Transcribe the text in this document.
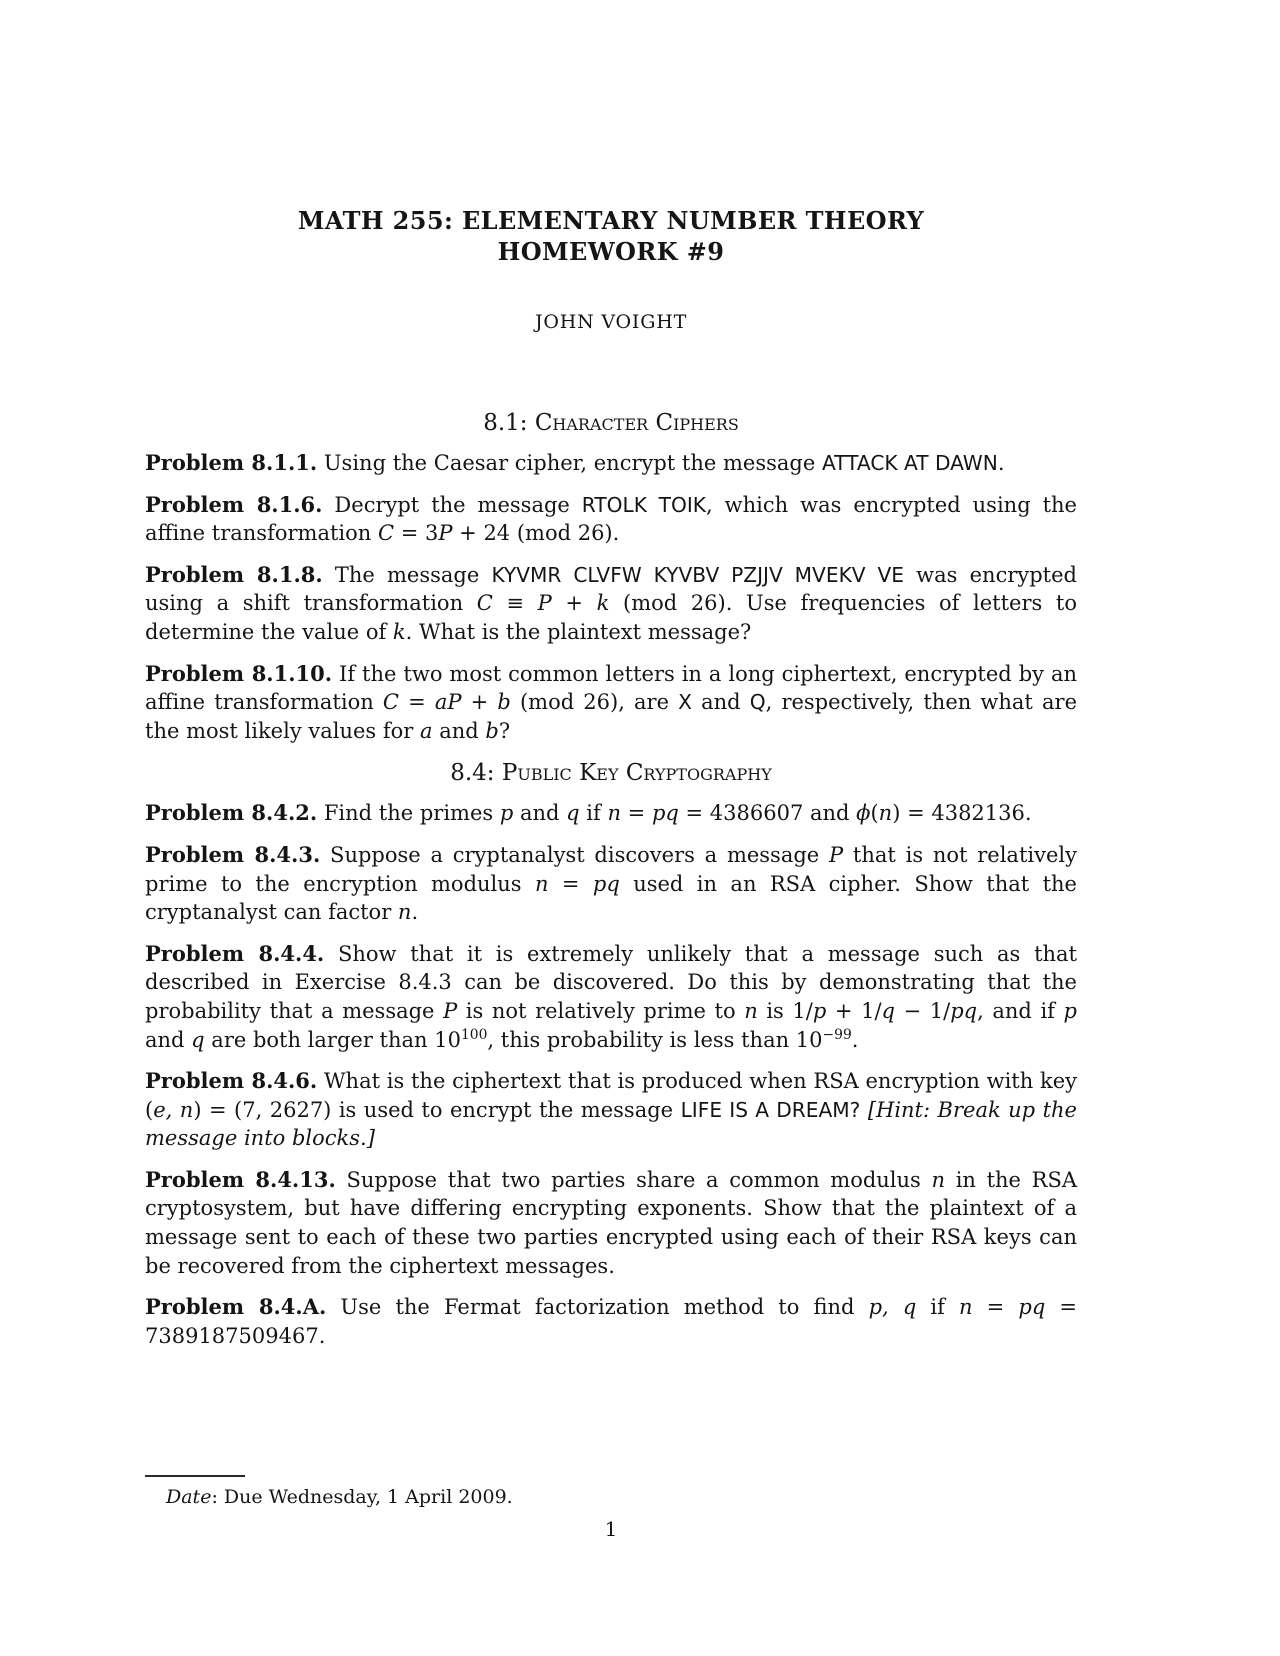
MATH 255: ELEMENTARY NUMBER THEORY
HOMEWORK #9
JOHN VOIGHT
8.1: Character Ciphers

Problem 8.1.1. Using the Caesar cipher, encrypt the message ATTACK AT DAWN.

Problem 8.1.6. Decrypt the message RTOLK TOIK, which was encrypted using the affine transformation C = 3P + 24 (mod 26).

Problem 8.1.8. The message KYVMR CLVFW KYVBV PZJJV MVEKV VE was encrypted using a shift transformation C ≡ P + k (mod 26). Use frequencies of letters to determine the value of k. What is the plaintext message?

Problem 8.1.10. If the two most common letters in a long ciphertext, encrypted by an affine transformation C = aP + b (mod 26), are X and Q, respectively, then what are the most likely values for a and b?

8.4: Public Key Cryptography

Problem 8.4.2. Find the primes p and q if n = pq = 4386607 and ϕ(n) = 4382136.

Problem 8.4.3. Suppose a cryptanalyst discovers a message P that is not relatively prime to the encryption modulus n = pq used in an RSA cipher. Show that the cryptanalyst can factor n.

Problem 8.4.4. Show that it is extremely unlikely that a message such as that described in Exercise 8.4.3 can be discovered. Do this by demonstrating that the probability that a message P is not relatively prime to n is 1/p + 1/q − 1/pq, and if p and q are both larger than $10^{100}$, this probability is less than $10^{-99}$.

Problem 8.4.6. What is the ciphertext that is produced when RSA encryption with key (e, n) = (7, 2627) is used to encrypt the message LIFE IS A DREAM? [Hint: Break up the message into blocks.]

Problem 8.4.13. Suppose that two parties share a common modulus n in the RSA cryptosystem, but have differing encrypting exponents. Show that the plaintext of a message sent to each of these two parties encrypted using each of their RSA keys can be recovered from the ciphertext messages.

Problem 8.4.A. Use the Fermat factorization method to find p, q if n = pq = 7389187509467.

Date: Due Wednesday, 1 April 2009.
1
